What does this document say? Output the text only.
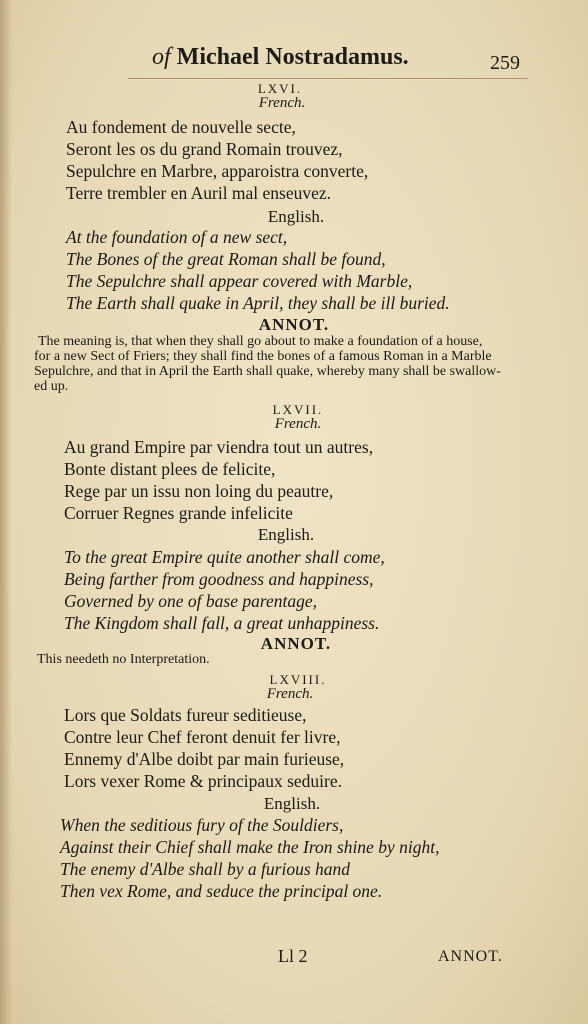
of Michael Nostradamus.	259
LXVI.
French.

Au fondement de nouvelle secte,

Seront les os du grand Romain trouvez,

Sepulchre en Marbre, apparoistra converte,

Terre trembler en Auril mal enseuvez.

English.

At the foundation of a new sect,

The Bones of the great Roman shall be found,

The Sepulchre shall appear covered with Marble,

The Earth shall quake in April, they shall be ill buried.

ANNOT.
The meaning is, that when they shall go about to make a foundation of a house,
for a new Sect of Friers; they shall find the bones of a famous Roman in a Marble
Sepulchre, and that in April the Earth shall quake, whereby many shall be swallow-
ed up.
LXVII.
French.

Au grand Empire par viendra tout un autres,

Bonte distant plees de felicite,

Rege par un issu non loing du peautre,

Corruer Regnes grande infelicite

English.

To the great Empire quite another shall come,

Being farther from goodness and happiness,

Governed by one of base parentage,

The Kingdom shall fall, a great unhappiness.

ANNOT.
This needeth no Interpretation.
LXVIII.
French.

Lors que Soldats fureur seditieuse,

Contre leur Chef feront denuit fer livre,

Ennemy d'Albe doibt par main furieuse,

Lors vexer Rome & principaux seduire.

English.

When the seditious fury of the Souldiers,

Against their Chief shall make the Iron shine by night,

The enemy d'Albe shall by a furious hand

Then vex Rome, and seduce the principal one.

Ll 2	ANNOT.
